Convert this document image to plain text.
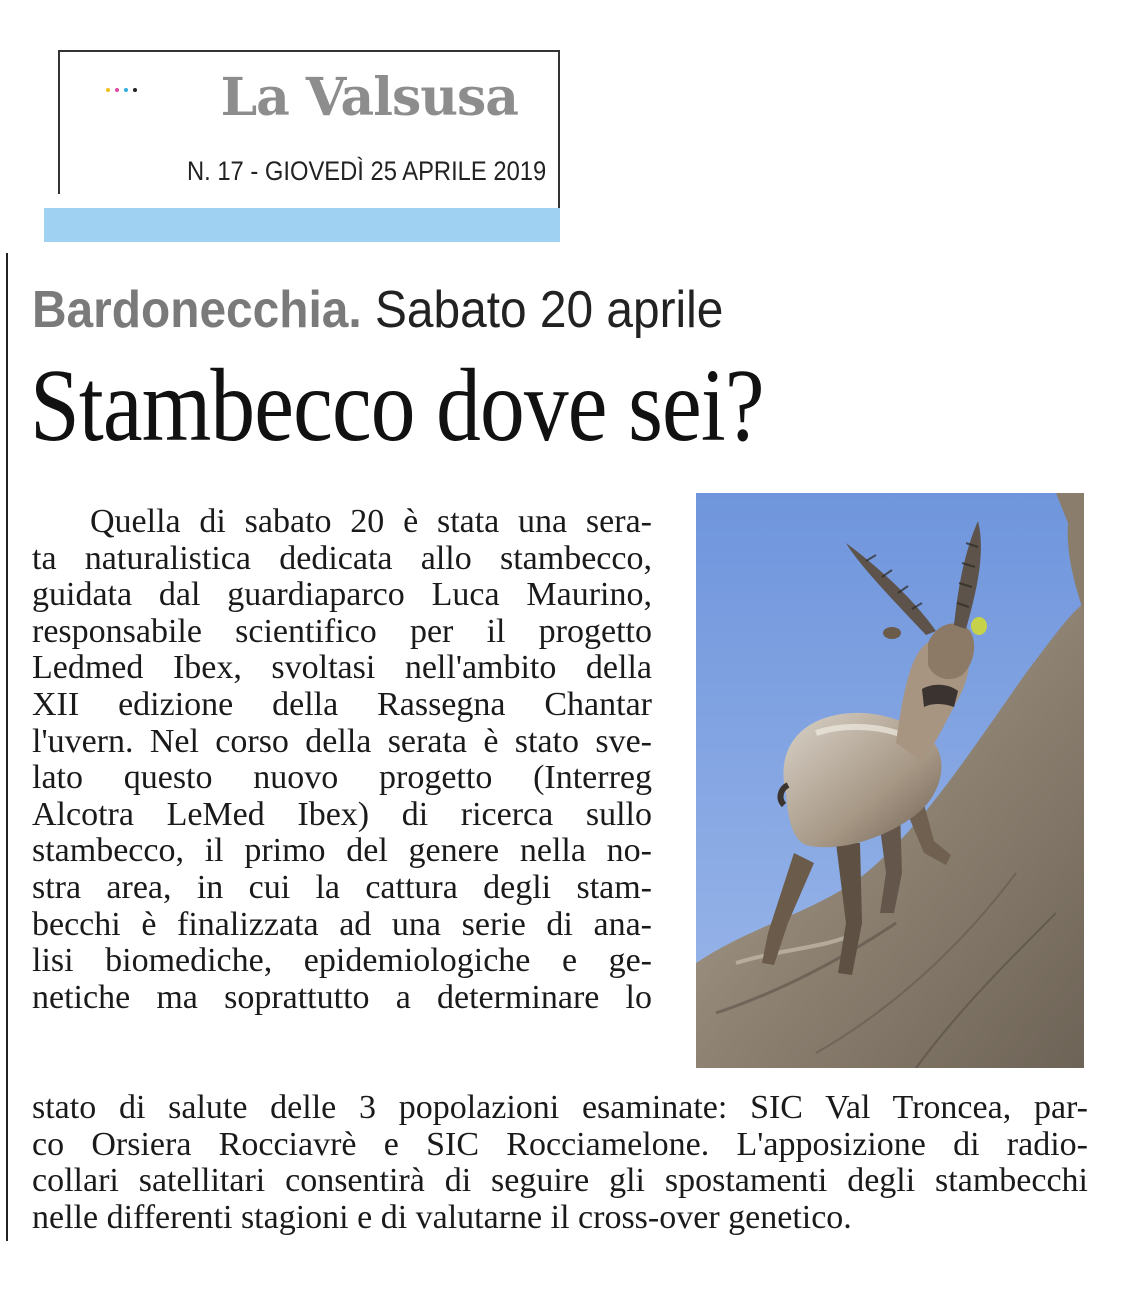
La Valsusa
N. 17 - GIOVEDÌ 25 APRILE 2019
Bardonecchia. Sabato 20 aprile
Stambecco dove sei?
Quella di sabato 20 è stata una sera-
ta naturalistica dedicata allo stambecco,
guidata dal guardiaparco Luca Maurino,
responsabile scientifico per il progetto
Ledmed Ibex, svoltasi nell'ambito della
XII edizione della Rassegna Chantar
l'uvern. Nel corso della serata è stato sve-
lato questo nuovo progetto (Interreg
Alcotra LeMed Ibex) di ricerca sullo
stambecco, il primo del genere nella no-
stra area, in cui la cattura degli stam-
becchi è finalizzata ad una serie di ana-
lisi biomediche, epidemiologiche e ge-
netiche ma soprattutto a determinare lo
stato di salute delle 3 popolazioni esaminate: SIC Val Troncea, par-
co Orsiera Rocciavrè e SIC Rocciamelone. L'apposizione di radio-
collari satellitari consentirà di seguire gli spostamenti degli stambecchi
nelle differenti stagioni e di valutarne il cross-over genetico.
